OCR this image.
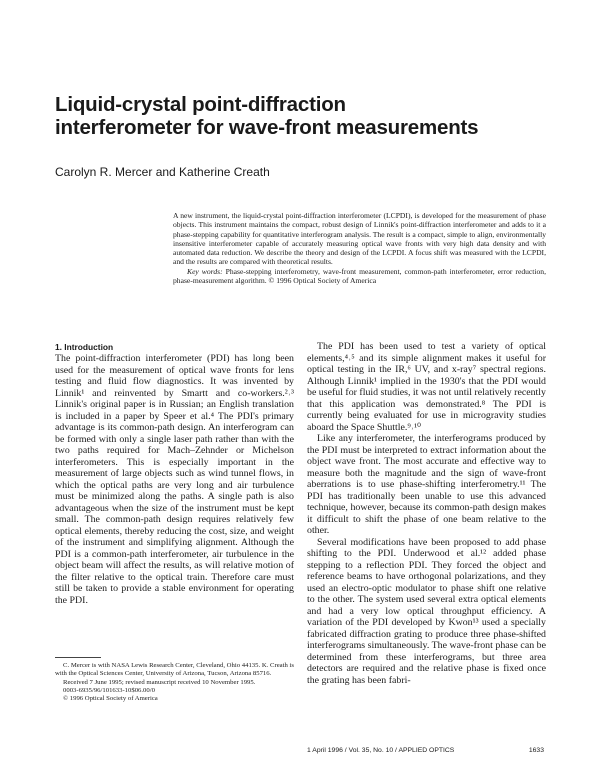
Liquid-crystal point-diffraction
interferometer for wave-front measurements
Carolyn R. Mercer and Katherine Creath

A new instrument, the liquid-crystal point-diffraction interferometer (LCPDI), is developed for the measurement of phase objects. This instrument maintains the compact, robust design of Linnik's point-diffraction interferometer and adds to it a phase-stepping capability for quantitative interferogram analysis. The result is a compact, simple to align, environmentally insensitive interferometer capable of accurately measuring optical wave fronts with very high data density and with automated data reduction. We describe the theory and design of the LCPDI. A focus shift was measured with the LCPDI, and the results are compared with theoretical results.

Key words: Phase-stepping interferometry, wave-front measurement, common-path interferometer, error reduction, phase-measurement algorithm. © 1996 Optical Society of America

1. Introduction

The point-diffraction interferometer (PDI) has long been used for the measurement of optical wave fronts for lens testing and fluid flow diagnostics. It was invented by Linnik¹ and reinvented by Smartt and co-workers.²˒³ Linnik's original paper is in Russian; an English translation is included in a paper by Speer et al.⁴ The PDI's primary advantage is its common-path design. An interferogram can be formed with only a single laser path rather than with the two paths required for Mach–Zehnder or Michelson interferometers. This is especially important in the measurement of large objects such as wind tunnel flows, in which the optical paths are very long and air turbulence must be minimized along the paths. A single path is also advantageous when the size of the instrument must be kept small. The common-path design requires relatively few optical elements, thereby reducing the cost, size, and weight of the instrument and simplifying alignment. Although the PDI is a common-path interferometer, air turbulence in the object beam will affect the results, as will relative motion of the filter relative to the optical train. Therefore care must still be taken to provide a stable environment for operating the PDI.

The PDI has been used to test a variety of optical elements,⁴˒⁵ and its simple alignment makes it useful for optical testing in the IR,⁶ UV, and x-ray⁷ spectral regions. Although Linnik¹ implied in the 1930's that the PDI would be useful for fluid studies, it was not until relatively recently that this application was demonstrated.⁸ The PDI is currently being evaluated for use in microgravity studies aboard the Space Shuttle.⁹˒¹⁰

Like any interferometer, the interferograms produced by the PDI must be interpreted to extract information about the object wave front. The most accurate and effective way to measure both the magnitude and the sign of wave-front aberrations is to use phase-shifting interferometry.¹¹ The PDI has traditionally been unable to use this advanced technique, however, because its common-path design makes it difficult to shift the phase of one beam relative to the other.

Several modifications have been proposed to add phase shifting to the PDI. Underwood et al.¹² added phase stepping to a reflection PDI. They forced the object and reference beams to have orthogonal polarizations, and they used an electro-optic modulator to phase shift one relative to the other. The system used several extra optical elements and had a very low optical throughput efficiency. A variation of the PDI developed by Kwon¹³ used a specially fabricated diffraction grating to produce three phase-shifted interferograms simultaneously. The wave-front phase can be determined from these interferograms, but three area detectors are required and the relative phase is fixed once the grating has been fabri-

C. Mercer is with NASA Lewis Research Center, Cleveland, Ohio 44135. K. Creath is with the Optical Sciences Center, University of Arizona, Tucson, Arizona 85716.

Received 7 June 1995; revised manuscript received 10 November 1995.

0003-6935/96/101633-10$06.00/0

© 1996 Optical Society of America

1 April 1996 / Vol. 35, No. 10 / APPLIED OPTICS	1633
